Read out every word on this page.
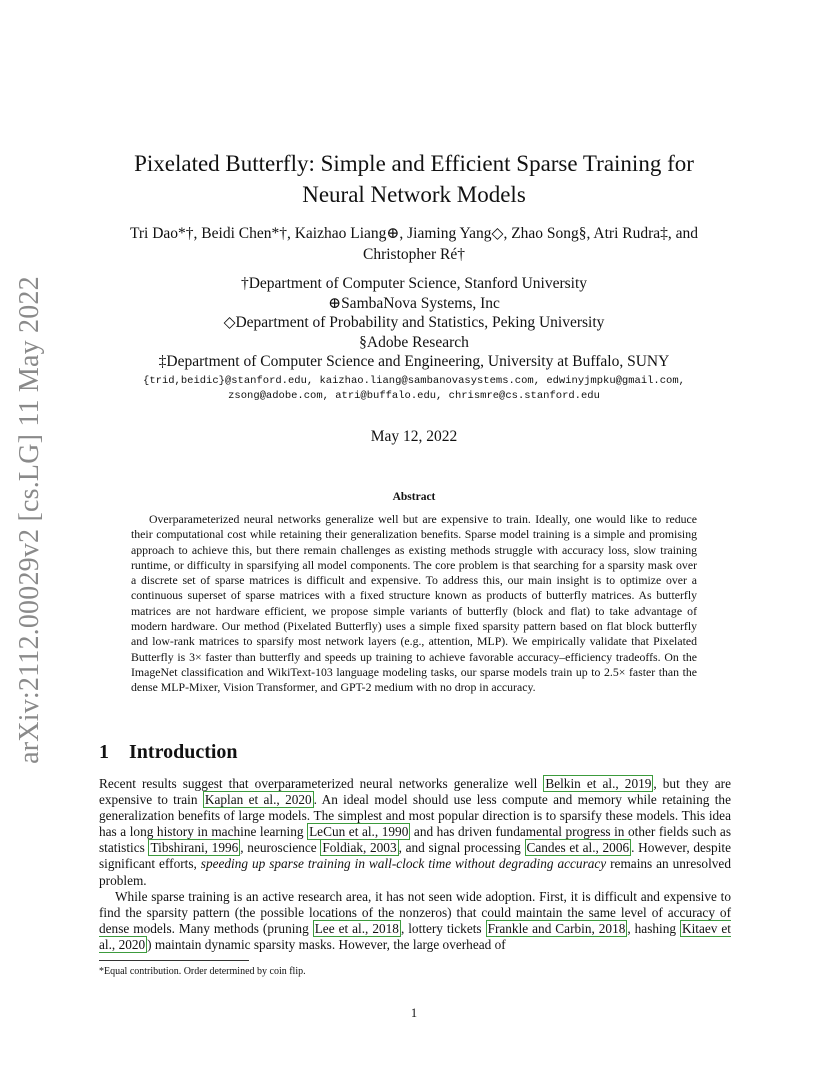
arXiv:2112.00029v2 [cs.LG] 11 May 2022
Pixelated Butterfly: Simple and Efficient Sparse Training for
Neural Network Models
Tri Dao*†, Beidi Chen*†, Kaizhao Liang⊕, Jiaming Yang◇, Zhao Song§, Atri Rudra‡, and
Christopher Ré†
†Department of Computer Science, Stanford University
⊕SambaNova Systems, Inc
◇Department of Probability and Statistics, Peking University
§Adobe Research
‡Department of Computer Science and Engineering, University at Buffalo, SUNY
{trid,beidic}@stanford.edu, kaizhao.liang@sambanovasystems.com, edwinyjmpku@gmail.com,
zsong@adobe.com, atri@buffalo.edu, chrismre@cs.stanford.edu
May 12, 2022
Abstract
Overparameterized neural networks generalize well but are expensive to train. Ideally, one would like to reduce their computational cost while retaining their generalization benefits. Sparse model training is a simple and promising approach to achieve this, but there remain challenges as existing methods struggle with accuracy loss, slow training runtime, or difficulty in sparsifying all model components. The core problem is that searching for a sparsity mask over a discrete set of sparse matrices is difficult and expensive. To address this, our main insight is to optimize over a continuous superset of sparse matrices with a fixed structure known as products of butterfly matrices. As butterfly matrices are not hardware efficient, we propose simple variants of butterfly (block and flat) to take advantage of modern hardware. Our method (Pixelated Butterfly) uses a simple fixed sparsity pattern based on flat block butterfly and low-rank matrices to sparsify most network layers (e.g., attention, MLP). We empirically validate that Pixelated Butterfly is 3× faster than butterfly and speeds up training to achieve favorable accuracy–efficiency tradeoffs. On the ImageNet classification and WikiText-103 language modeling tasks, our sparse models train up to 2.5× faster than the dense MLP-Mixer, Vision Transformer, and GPT-2 medium with no drop in accuracy.
1 Introduction

Recent results suggest that overparameterized neural networks generalize well Belkin et al., 2019 , but they are expensive to train Kaplan et al., 2020 . An ideal model should use less compute and memory while retaining the generalization benefits of large models. The simplest and most popular direction is to sparsify these models. This idea has a long history in machine learning LeCun et al., 1990 and has driven fundamental progress in other fields such as statistics Tibshirani, 1996 , neuroscience Foldiak, 2003 , and signal processing Candes et al., 2006 . However, despite significant efforts, speeding up sparse training in wall-clock time without degrading accuracy remains an unresolved problem.

While sparse training is an active research area, it has not seen wide adoption. First, it is difficult and expensive to find the sparsity pattern (the possible locations of the nonzeros) that could maintain the same level of accuracy of dense models. Many methods (pruning Lee et al., 2018 , lottery tickets Frankle and Carbin, 2018 , hashing Kitaev et al., 2020 ) maintain dynamic sparsity masks. However, the large overhead of

*Equal contribution. Order determined by coin flip.
1
